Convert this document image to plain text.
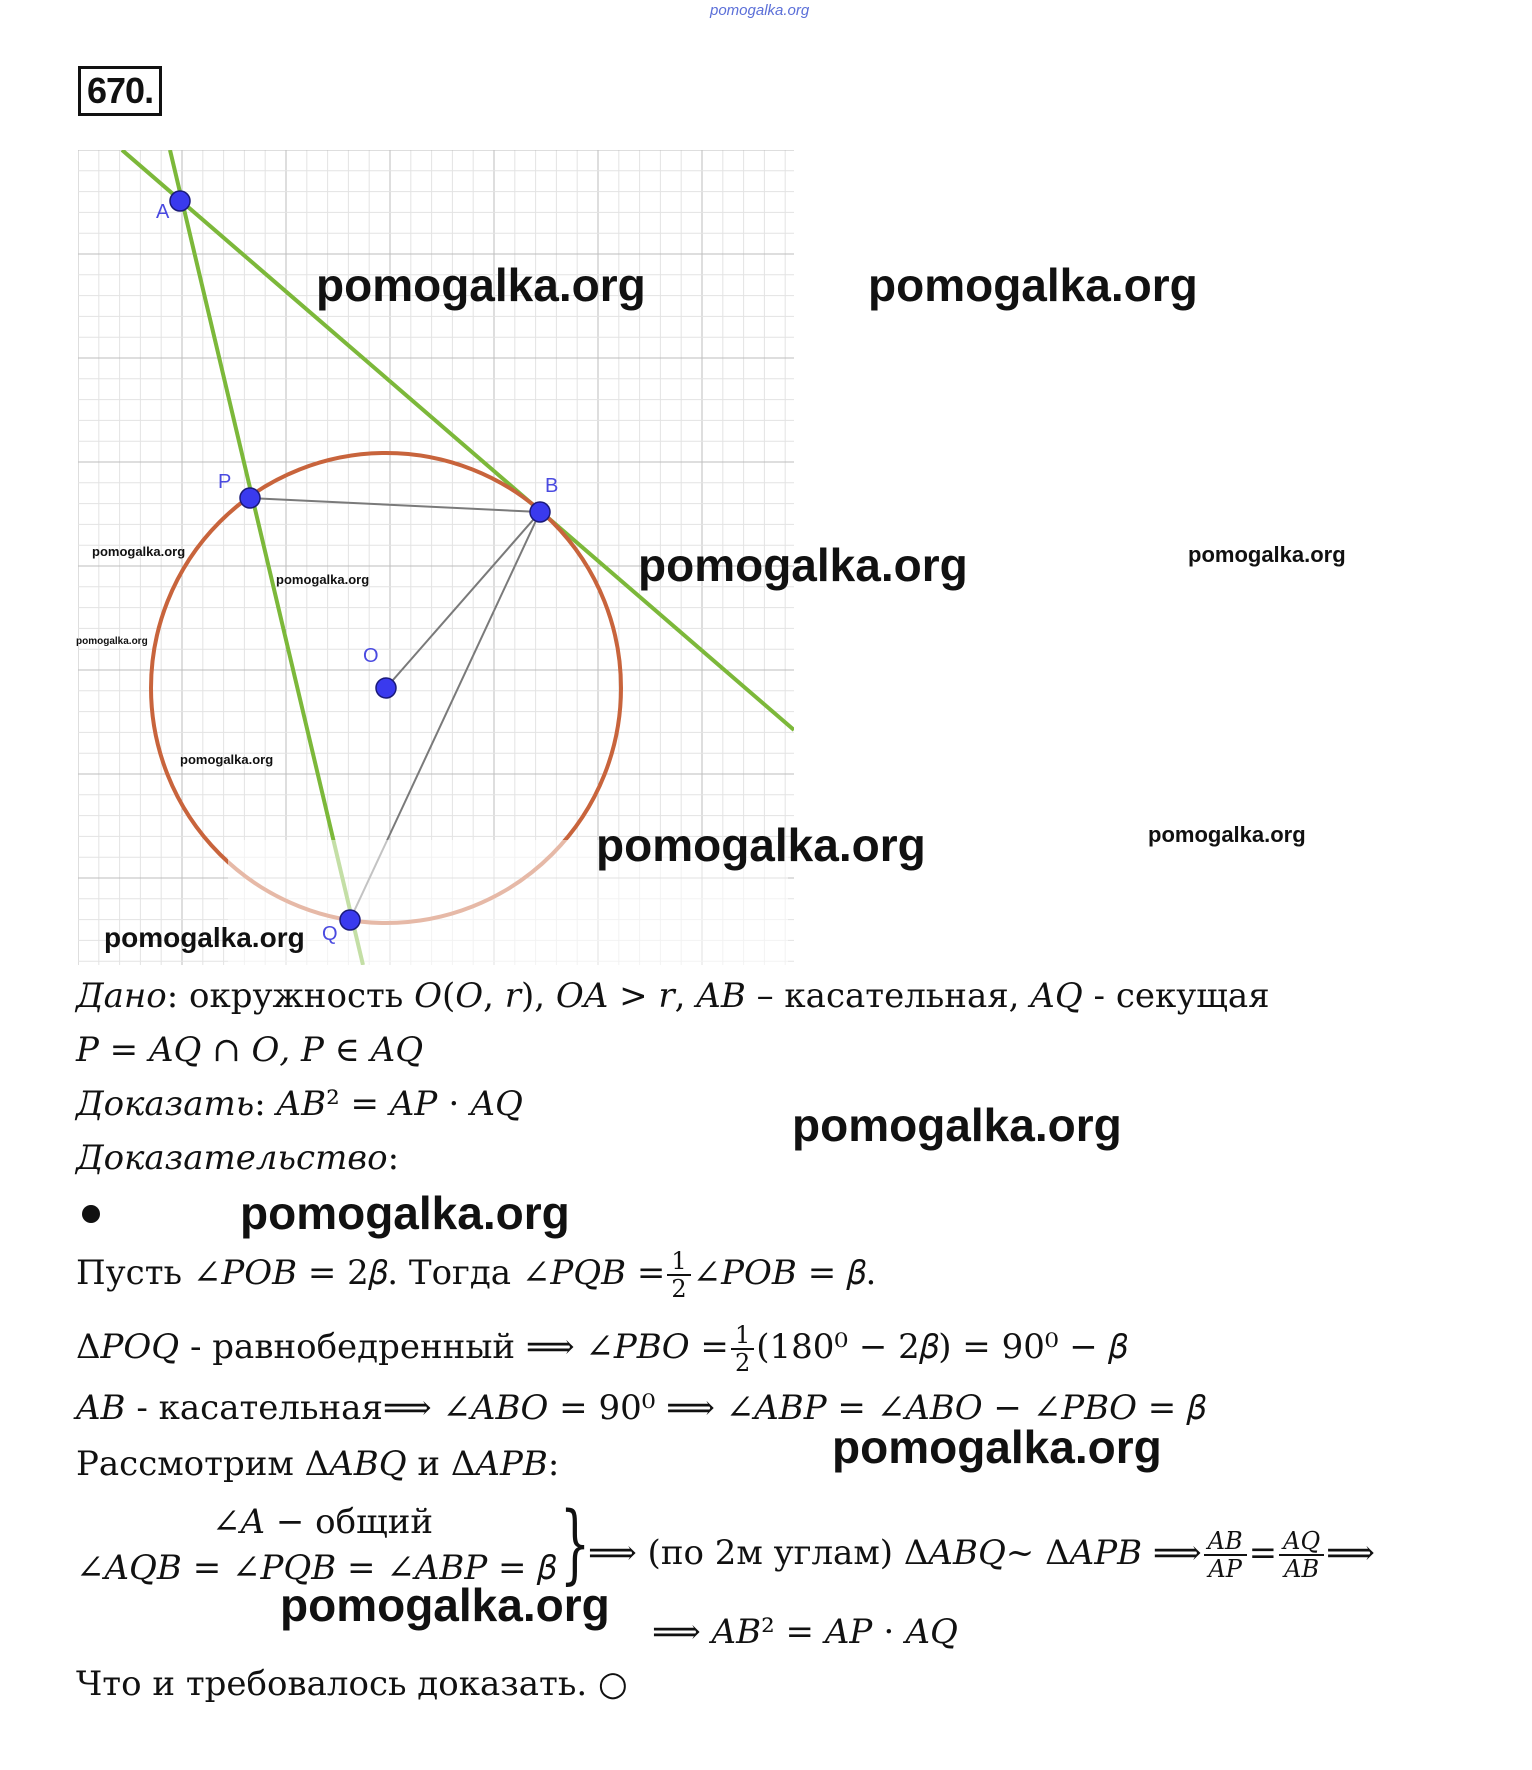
pomogalka.org
670.
A
P	B
O
Q
pomogalka.org	pomogalka.org
pomogalka.org	pomogalka.org
pomogalka.org
pomogalka.org
pomogalka.org
pomogalka.org
pomogalka.org	pomogalka.org
pomogalka.org
pomogalka.org
pomogalka.org
pomogalka.org
pomogalka.org
Дано: окружность 𝑂(𝑂, 𝑟), 𝑂𝐴 > 𝑟, 𝐴𝐵 – касательная, 𝐴𝑄 - секущая
𝑃 = 𝐴𝑄 ∩ 𝑂, 𝑃 ∈ 𝐴𝑄
Доказать: 𝐴𝐵² = 𝐴𝑃 ⋅ 𝐴𝑄
Доказательство:
Пусть ∠𝑃𝑂𝐵 = 2𝛽. Тогда ∠𝑃𝑄𝐵 = $\frac{1}{2}$ ∠𝑃𝑂𝐵 = 𝛽.
Δ𝑃𝑂𝑄 - равнобедренный ⟹ ∠𝑃𝐵𝑂 = $\frac{1}{2} (180^0$ − 2𝛽) = 90⁰ − 𝛽
𝐴𝐵 - касательная⟹ ∠𝐴𝐵𝑂 = 90⁰ ⟹ ∠𝐴𝐵𝑃 = ∠𝐴𝐵𝑂 − ∠𝑃𝐵𝑂 = 𝛽
Рассмотрим Δ𝐴𝐵𝑄 и Δ𝐴𝑃𝐵:
∠𝐴 − общий
∠𝐴𝑄𝐵 = ∠𝑃𝑄𝐵 = ∠𝐴𝐵𝑃 = 𝛽 }
⟹ (по 2м углам) Δ𝐴𝐵𝑄~ Δ𝐴𝑃𝐵 ⟹ $\frac{\text{𝐴𝐵}}{\text{𝐴𝑃}} = \frac{\text{𝐴𝑄}}{\text{𝐴𝐵}}$ ⟹
⟹ 𝐴𝐵² = 𝐴𝑃 ⋅ 𝐴𝑄
Что и требовалось доказать. ○
